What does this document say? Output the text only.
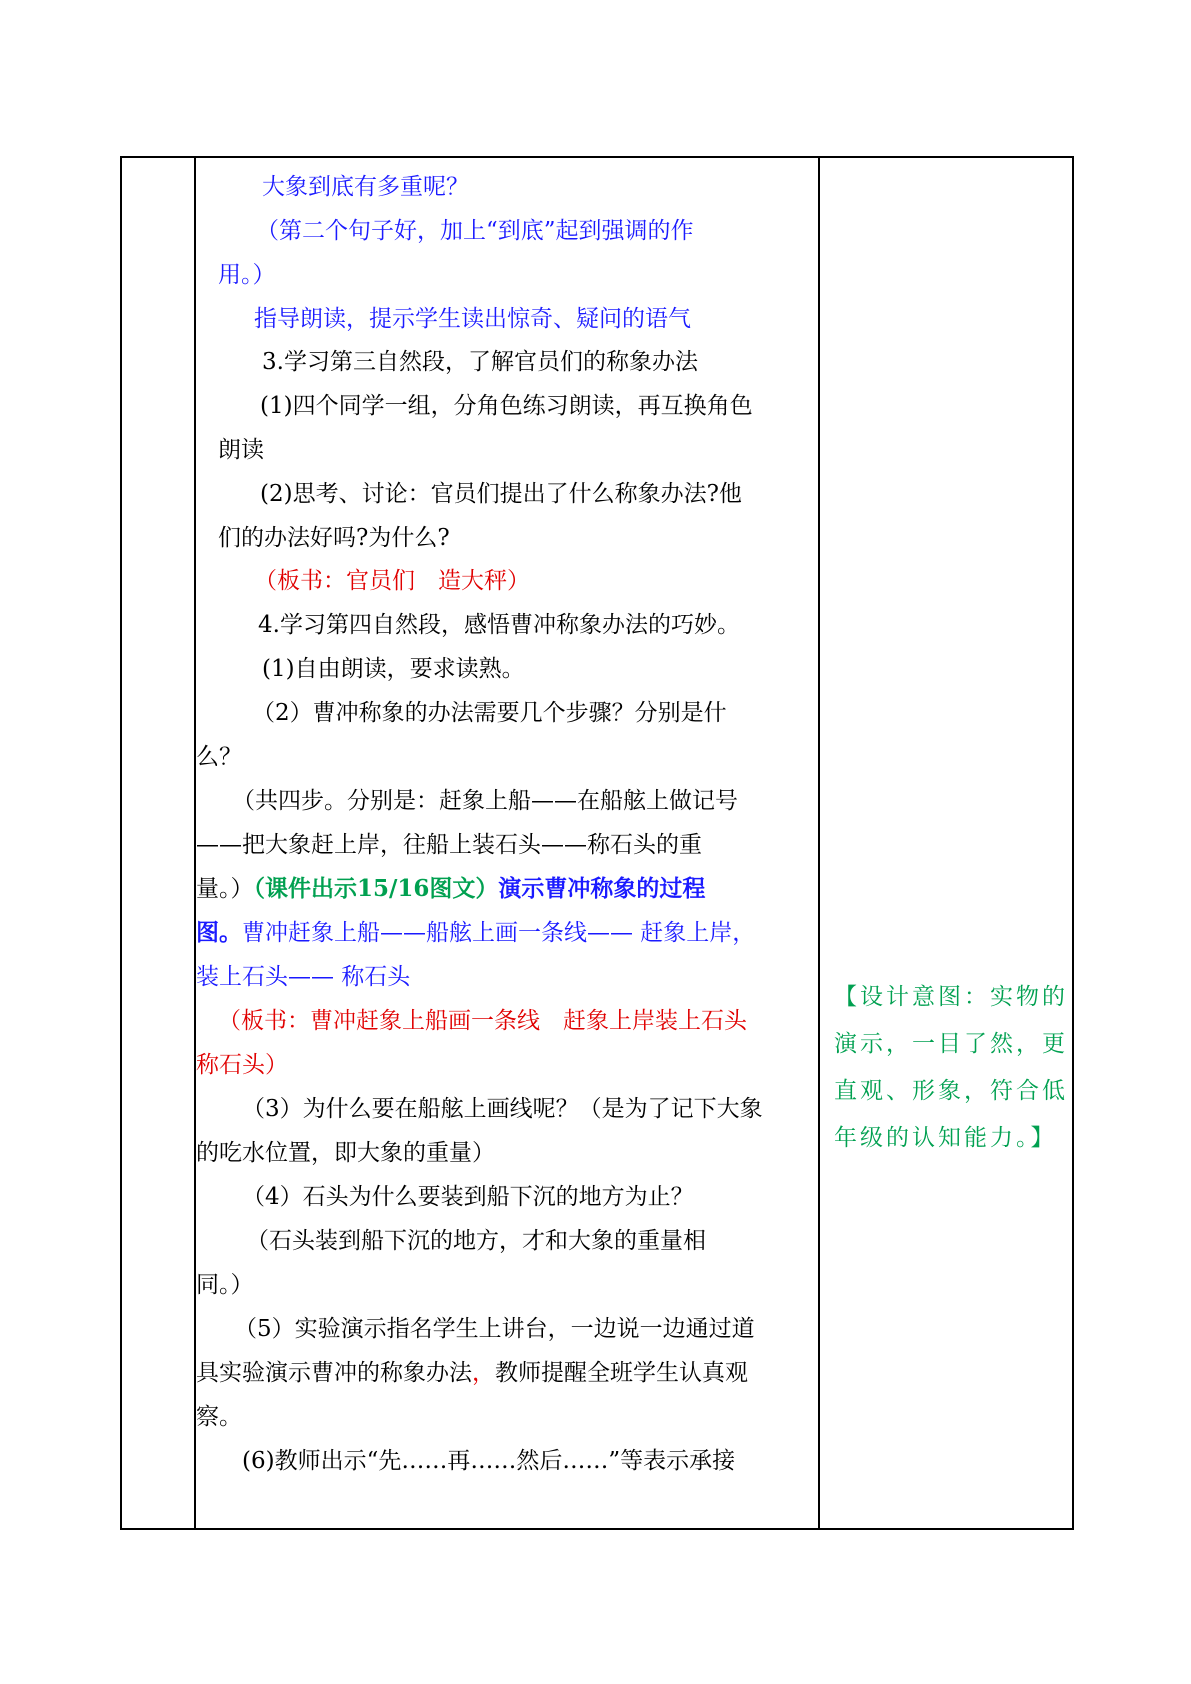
大象到底有多重呢？
（第二个句子好，加上“到底”起到强调的作
用。）
指导朗读，提示学生读出惊奇、疑问的语气
3.学习第三自然段，了解官员们的称象办法
(1)四个同学一组，分角色练习朗读，再互换角色
朗读
(2)思考、讨论：官员们提出了什么称象办法?他
们的办法好吗?为什么?
（板书：官员们　造大秤）
4.学习第四自然段，感悟曹冲称象办法的巧妙。
(1)自由朗读，要求读熟。
（2）曹冲称象的办法需要几个步骤？分别是什
么？
（共四步。分别是：赶象上船——在船舷上做记号
——把大象赶上岸，往船上装石头——称石头的重
量。）（课件出示15/16图文）演示曹冲称象的过程
图。曹冲赶象上船——船舷上画一条线—— 赶象上岸，
装上石头—— 称石头
（板书：曹冲赶象上船画一条线　赶象上岸装上石头
称石头）
（3）为什么要在船舷上画线呢？（是为了记下大象
的吃水位置，即大象的重量）
（4）石头为什么要装到船下沉的地方为止？
（石头装到船下沉的地方，才和大象的重量相
同。）
（5）实验演示指名学生上讲台，一边说一边通过道
具实验演示曹冲的称象办法，教师提醒全班学生认真观
察。
(6)教师出示“先……再……然后……”等表示承接
【设计意图：实物的
演示，一目了然，更
直观、形象，符合低
年级的认知能力。】
